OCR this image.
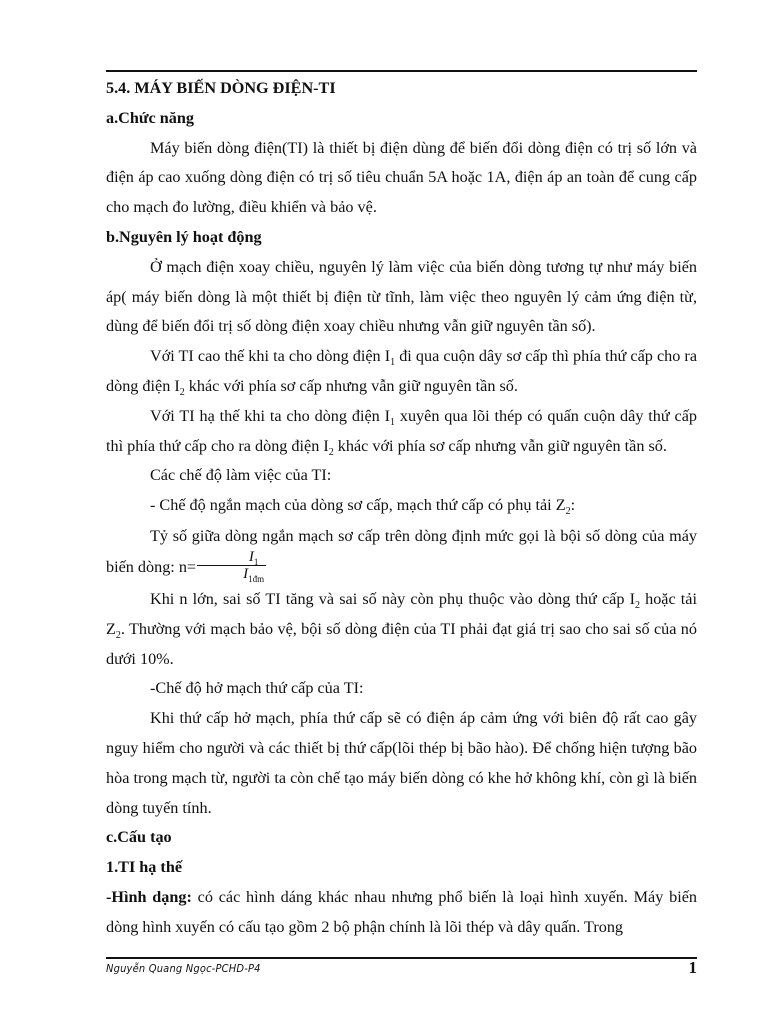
5.4. MÁY BIẾN DÒNG ĐIỆN-TI
a.Chức năng

Máy biến dòng điện(TI) là thiết bị điện dùng để biến đổi dòng điện có trị số lớn và điện áp cao xuống dòng điện có trị số tiêu chuẩn 5A hoặc 1A, điện áp an toàn để cung cấp cho mạch đo lường, điều khiển và bảo vệ.

b.Nguyên lý hoạt động

Ở mạch điện xoay chiều, nguyên lý làm việc của biến dòng tương tự như máy biến áp( máy biến dòng là một thiết bị điện từ tĩnh, làm việc theo nguyên lý cảm ứng điện từ, dùng để biến đổi trị số dòng điện xoay chiều nhưng vẫn giữ nguyên tần số).

Với TI cao thế khi ta cho dòng điện $I_1$ đi qua cuộn dây sơ cấp thì phía thứ cấp cho ra dòng điện $I_2$ khác với phía sơ cấp nhưng vẫn giữ nguyên tần số.

Với TI hạ thế khi ta cho dòng điện $I_1$ xuyên qua lõi thép có quấn cuộn dây thứ cấp thì phía thứ cấp cho ra dòng điện $I_2$ khác với phía sơ cấp nhưng vẫn giữ nguyên tần số.

Các chế độ làm việc của TI:

- Chế độ ngắn mạch của dòng sơ cấp, mạch thứ cấp có phụ tải $Z_2$:

Tỷ số giữa dòng ngắn mạch sơ cấp trên dòng định mức gọi là bội số dòng của máy biến dòng: $n= \frac{I_1}{I_{1đm}}$

Khi n lớn, sai số TI tăng và sai số này còn phụ thuộc vào dòng thứ cấp $I_2$ hoặc tải $Z_2$. Thường với mạch bảo vệ, bội số dòng điện của TI phải đạt giá trị sao cho sai số của nó dưới 10%.

-Chế độ hở mạch thứ cấp của TI:

Khi thứ cấp hở mạch, phía thứ cấp sẽ có điện áp cảm ứng với biên độ rất cao gây nguy hiểm cho người và các thiết bị thứ cấp(lõi thép bị bão hào). Để chống hiện tượng bão hòa trong mạch từ, người ta còn chế tạo máy biến dòng có khe hở không khí, còn gì là biến dòng tuyến tính.

c.Cấu tạo
1.TI hạ thế

-Hình dạng: có các hình dáng khác nhau nhưng phổ biến là loại hình xuyến. Máy biến dòng hình xuyến có cấu tạo gồm 2 bộ phận chính là lõi thép và dây quấn. Trong

Nguyễn Quang Ngọc-PCHD-P4	1
